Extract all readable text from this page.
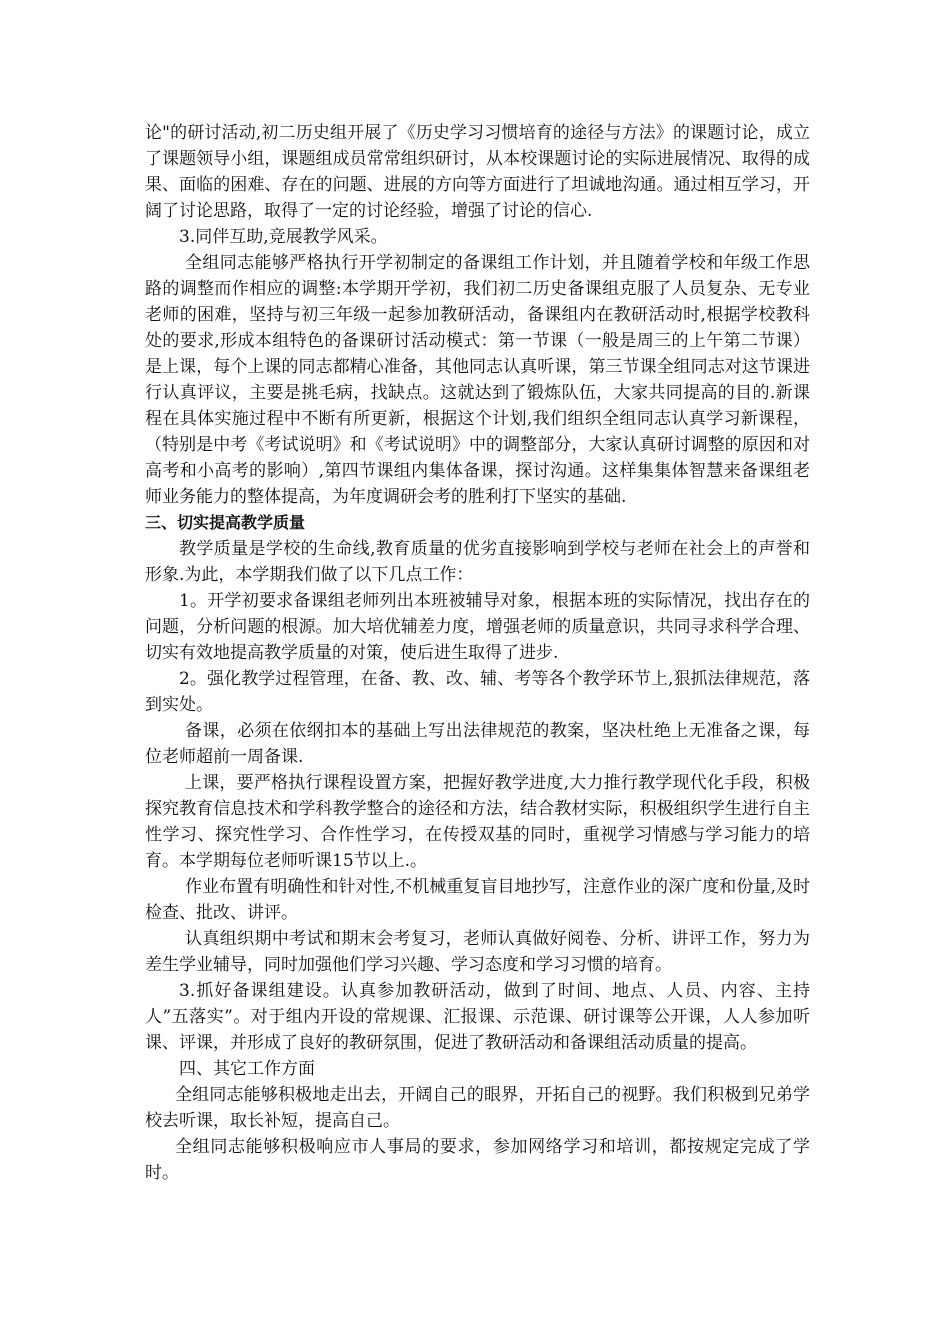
论"的研讨活动,初二历史组开展了《历史学习习惯培育的途径与方法》的课题讨论，成立了课题领导小组，课题组成员常常组织研讨，从本校课题讨论的实际进展情况、取得的成果、面临的困难、存在的问题、进展的方向等方面进行了坦诚地沟通。通过相互学习，开阔了讨论思路，取得了一定的讨论经验，增强了讨论的信心.

3.同伴互助,竞展教学风采。

全组同志能够严格执行开学初制定的备课组工作计划，并且随着学校和年级工作思路的调整而作相应的调整:本学期开学初，我们初二历史备课组克服了人员复杂、无专业老师的困难，坚持与初三年级一起参加教研活动，备课组内在教研活动时,根据学校教科处的要求,形成本组特色的备课研讨活动模式：第一节课（一般是周三的上午第二节课）是上课，每个上课的同志都精心准备，其他同志认真听课，第三节课全组同志对这节课进行认真评议，主要是挑毛病，找缺点。这就达到了锻炼队伍，大家共同提高的目的.新课程在具体实施过程中不断有所更新，根据这个计划,我们组织全组同志认真学习新课程，（特别是中考《考试说明》和《考试说明》中的调整部分，大家认真研讨调整的原因和对高考和小高考的影响）,第四节课组内集体备课，探讨沟通。这样集集体智慧来备课组老师业务能力的整体提高，为年度调研会考的胜利打下坚实的基础.

三、切实提高教学质量

教学质量是学校的生命线,教育质量的优劣直接影响到学校与老师在社会上的声誉和形象.为此，本学期我们做了以下几点工作：

1。开学初要求备课组老师列出本班被辅导对象，根据本班的实际情况，找出存在的问题，分析问题的根源。加大培优辅差力度，增强老师的质量意识，共同寻求科学合理、切实有效地提高教学质量的对策，使后进生取得了进步.

2。强化教学过程管理，在备、教、改、辅、考等各个教学环节上,狠抓法律规范，落到实处。

备课，必须在依纲扣本的基础上写出法律规范的教案，坚决杜绝上无准备之课，每位老师超前一周备课.

上课，要严格执行课程设置方案，把握好教学进度,大力推行教学现代化手段，积极探究教育信息技术和学科教学整合的途径和方法，结合教材实际，积极组织学生进行自主性学习、探究性学习、合作性学习，在传授双基的同时，重视学习情感与学习能力的培育。本学期每位老师听课15节以上.。

作业布置有明确性和针对性,不机械重复盲目地抄写，注意作业的深广度和份量,及时检查、批改、讲评。

认真组织期中考试和期末会考复习，老师认真做好阅卷、分析、讲评工作，努力为差生学业辅导，同时加强他们学习兴趣、学习态度和学习习惯的培育。

3.抓好备课组建设。认真参加教研活动，做到了时间、地点、人员、内容、主持人”五落实”。对于组内开设的常规课、汇报课、示范课、研讨课等公开课，人人参加听课、评课，并形成了良好的教研氛围，促进了教研活动和备课组活动质量的提高。

四、其它工作方面

全组同志能够积极地走出去，开阔自己的眼界，开拓自己的视野。我们积极到兄弟学校去听课，取长补短，提高自己。

全组同志能够积极响应市人事局的要求，参加网络学习和培训，都按规定完成了学时。
